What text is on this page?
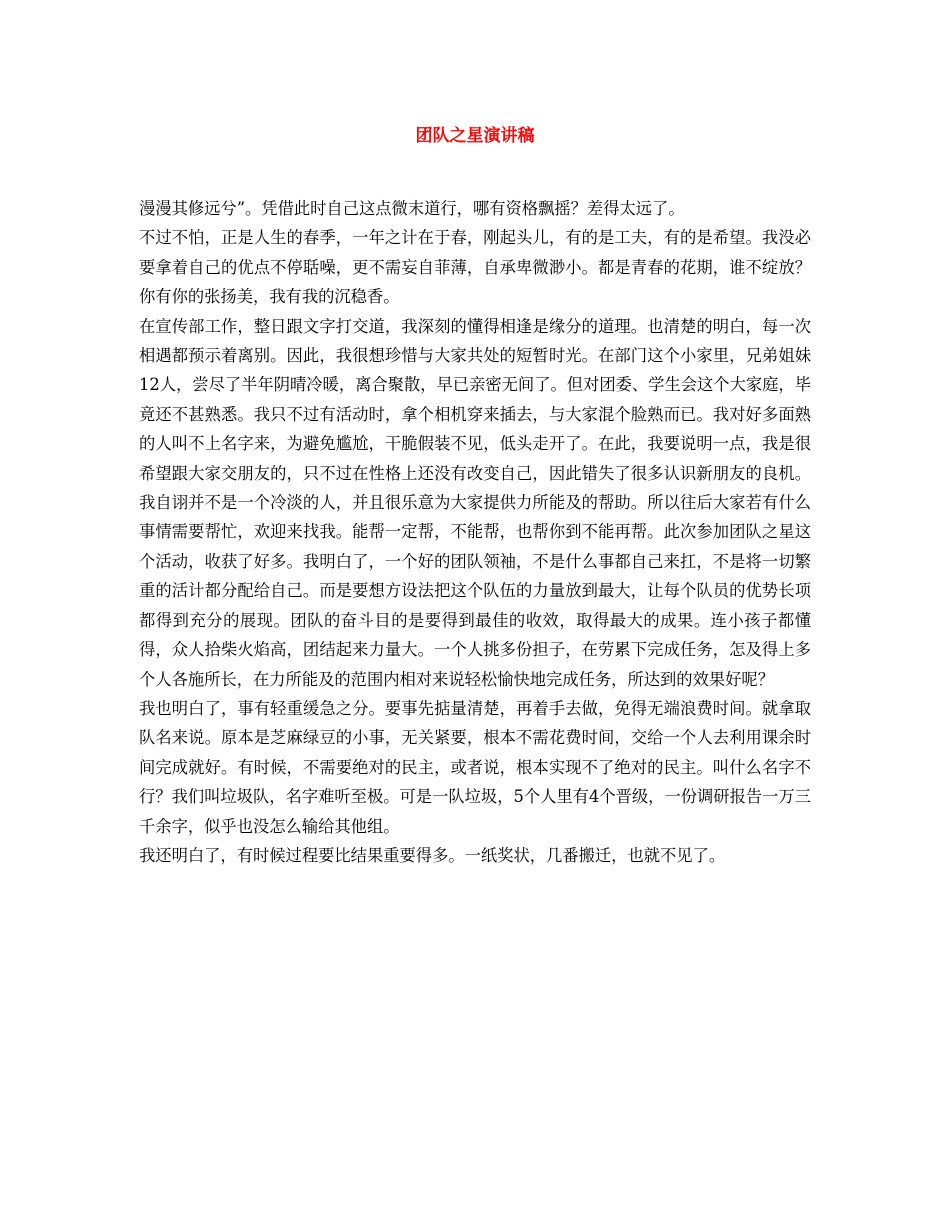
团队之星演讲稿

漫漫其修远兮”。凭借此时自己这点微末道行，哪有资格飘摇？差得太远了。

不过不怕，正是人生的春季，一年之计在于春，刚起头儿，有的是工夫，有的是希望。我没必要拿着自己的优点不停聒噪，更不需妄自菲薄，自承卑微渺小。都是青春的花期，谁不绽放？你有你的张扬美，我有我的沉稳香。

在宣传部工作，整日跟文字打交道，我深刻的懂得相逢是缘分的道理。也清楚的明白，每一次相遇都预示着离别。因此，我很想珍惜与大家共处的短暂时光。在部门这个小家里，兄弟姐妹12人，尝尽了半年阴晴冷暖，离合聚散，早已亲密无间了。但对团委、学生会这个大家庭，毕竟还不甚熟悉。我只不过有活动时，拿个相机穿来插去，与大家混个脸熟而已。我对好多面熟的人叫不上名字来，为避免尴尬，干脆假装不见，低头走开了。在此，我要说明一点，我是很希望跟大家交朋友的，只不过在性格上还没有改变自己，因此错失了很多认识新朋友的良机。我自诩并不是一个冷淡的人，并且很乐意为大家提供力所能及的帮助。所以往后大家若有什么事情需要帮忙，欢迎来找我。能帮一定帮，不能帮，也帮你到不能再帮。此次参加团队之星这个活动，收获了好多。我明白了，一个好的团队领袖，不是什么事都自己来扛，不是将一切繁重的活计都分配给自己。而是要想方设法把这个队伍的力量放到最大，让每个队员的优势长项都得到充分的展现。团队的奋斗目的是要得到最佳的收效，取得最大的成果。连小孩子都懂得，众人拾柴火焰高，团结起来力量大。一个人挑多份担子，在劳累下完成任务，怎及得上多个人各施所长，在力所能及的范围内相对来说轻松愉快地完成任务，所达到的效果好呢？

我也明白了，事有轻重缓急之分。要事先掂量清楚，再着手去做，免得无端浪费时间。就拿取队名来说。原本是芝麻绿豆的小事，无关紧要，根本不需花费时间，交给一个人去利用课余时间完成就好。有时候，不需要绝对的民主，或者说，根本实现不了绝对的民主。叫什么名字不行？我们叫垃圾队，名字难听至极。可是一队垃圾，5个人里有4个晋级，一份调研报告一万三千余字，似乎也没怎么输给其他组。

我还明白了，有时候过程要比结果重要得多。一纸奖状，几番搬迁，也就不见了。
